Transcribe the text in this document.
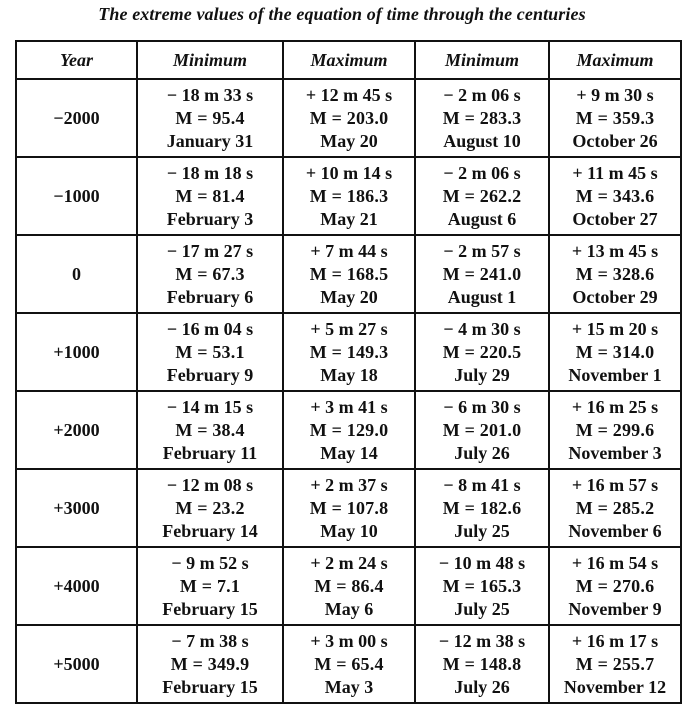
The extreme values of the equation of time through the centuries
Year	Minimum	Maximum	Minimum	Maximum
−2000	− 18 m 33 s
M = 95.4
January 31	+ 12 m 45 s
M = 203.0
May 20	− 2 m 06 s
M = 283.3
August 10	+ 9 m 30 s
M = 359.3
October 26

−1000	− 18 m 18 s
M = 81.4
February 3	+ 10 m 14 s
M = 186.3
May 21	− 2 m 06 s
M = 262.2
August 6	+ 11 m 45 s
M = 343.6
October 27

0	− 17 m 27 s
M = 67.3
February 6	+ 7 m 44 s
M = 168.5
May 20	− 2 m 57 s
M = 241.0
August 1	+ 13 m 45 s
M = 328.6
October 29

+1000	− 16 m 04 s
M = 53.1
February 9	+ 5 m 27 s
M = 149.3
May 18	− 4 m 30 s
M = 220.5
July 29	+ 15 m 20 s
M = 314.0
November 1

+2000	− 14 m 15 s
M = 38.4
February 11	+ 3 m 41 s
M = 129.0
May 14	− 6 m 30 s
M = 201.0
July 26	+ 16 m 25 s
M = 299.6
November 3

+3000	− 12 m 08 s
M = 23.2
February 14	+ 2 m 37 s
M = 107.8
May 10	− 8 m 41 s
M = 182.6
July 25	+ 16 m 57 s
M = 285.2
November 6

+4000	− 9 m 52 s
M = 7.1
February 15	+ 2 m 24 s
M = 86.4
May 6	− 10 m 48 s
M = 165.3
July 25	+ 16 m 54 s
M = 270.6
November 9

+5000	− 7 m 38 s
M = 349.9
February 15	+ 3 m 00 s
M = 65.4
May 3	− 12 m 38 s
M = 148.8
July 26	+ 16 m 17 s
M = 255.7
November 12
